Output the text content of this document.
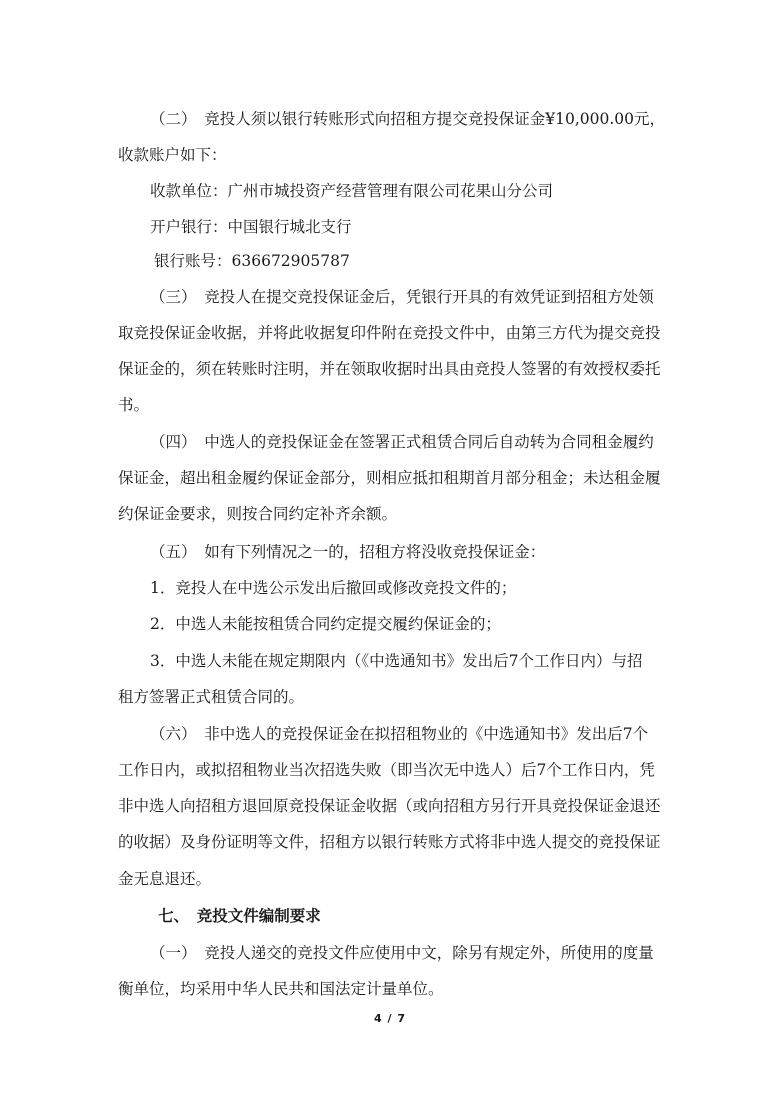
（二）　竞投人须以银行转账形式向招租方提交竞投保证金¥10,000.00元，
收款账户如下：
收款单位：广州市城投资产经营管理有限公司花果山分公司
开户银行：中国银行城北支行
银行账号：636672905787
（三）　竞投人在提交竞投保证金后，凭银行开具的有效凭证到招租方处领
取竞投保证金收据，并将此收据复印件附在竞投文件中，由第三方代为提交竞投
保证金的，须在转账时注明，并在领取收据时出具由竞投人签署的有效授权委托
书。
（四）　中选人的竞投保证金在签署正式租赁合同后自动转为合同租金履约
保证金，超出租金履约保证金部分，则相应抵扣租期首月部分租金；未达租金履
约保证金要求，则按合同约定补齐余额。
（五）　如有下列情况之一的，招租方将没收竞投保证金：
1．竞投人在中选公示发出后撤回或修改竞投文件的；
2．中选人未能按租赁合同约定提交履约保证金的；
3．中选人未能在规定期限内（《中选通知书》发出后7个工作日内）与招
租方签署正式租赁合同的。
（六）　非中选人的竞投保证金在拟招租物业的《中选通知书》发出后7个
工作日内，或拟招租物业当次招选失败（即当次无中选人）后7个工作日内，凭
非中选人向招租方退回原竞投保证金收据（或向招租方另行开具竞投保证金退还
的收据）及身份证明等文件，招租方以银行转账方式将非中选人提交的竞投保证
金无息退还。
七、　竞投文件编制要求
（一）　竞投人递交的竞投文件应使用中文，除另有规定外，所使用的度量
衡单位，均采用中华人民共和国法定计量单位。
4 / 7
